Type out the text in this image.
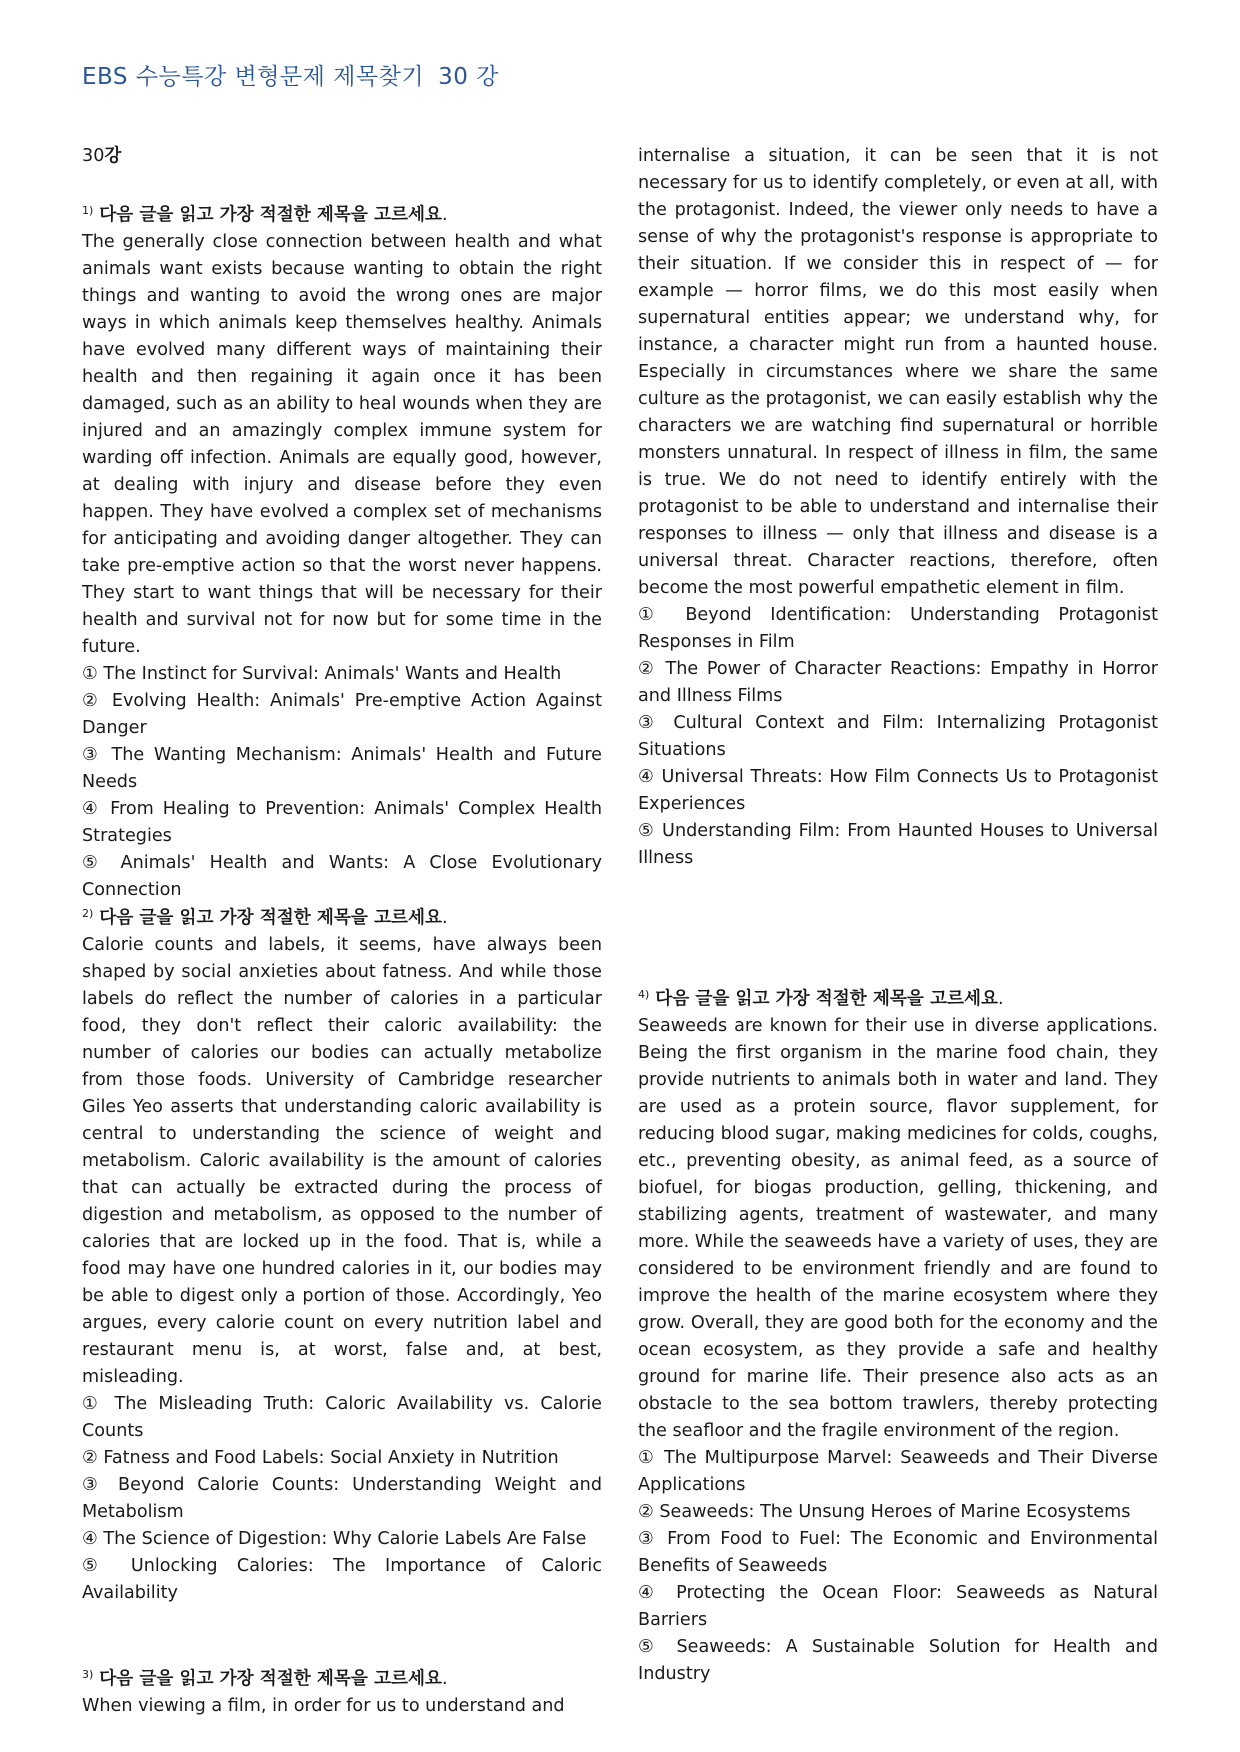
EBS 수능특강 변형문제 제목찾기 30 강

30강

$^{1)}$ 다음 글을 읽고 가장 적절한 제목을 고르세요.

The generally close connection between health and what animals want exists because wanting to obtain the right things and wanting to avoid the wrong ones are major ways in which animals keep themselves healthy. Animals have evolved many different ways of maintaining their health and then regaining it again once it has been damaged, such as an ability to heal wounds when they are injured and an amazingly complex immune system for warding off infection. Animals are equally good, however, at dealing with injury and disease before they even happen. They have evolved a complex set of mechanisms for anticipating and avoiding danger altogether. They can take pre-emptive action so that the worst never happens. They start to want things that will be necessary for their health and survival not for now but for some time in the future.

① The Instinct for Survival: Animals' Wants and Health

② Evolving Health: Animals' Pre-emptive Action Against Danger

③ The Wanting Mechanism: Animals' Health and Future Needs

④ From Healing to Prevention: Animals' Complex Health Strategies

⑤ Animals' Health and Wants: A Close Evolutionary Connection

$^{2)}$ 다음 글을 읽고 가장 적절한 제목을 고르세요.

Calorie counts and labels, it seems, have always been shaped by social anxieties about fatness. And while those labels do reflect the number of calories in a particular food, they don't reflect their caloric availability: the number of calories our bodies can actually metabolize from those foods. University of Cambridge researcher Giles Yeo asserts that understanding caloric availability is central to understanding the science of weight and metabolism. Caloric availability is the amount of calories that can actually be extracted during the process of digestion and metabolism, as opposed to the number of calories that are locked up in the food. That is, while a food may have one hundred calories in it, our bodies may be able to digest only a portion of those. Accordingly, Yeo argues, every calorie count on every nutrition label and restaurant menu is, at worst, false and, at best, misleading.

① The Misleading Truth: Caloric Availability vs. Calorie Counts

② Fatness and Food Labels: Social Anxiety in Nutrition

③ Beyond Calorie Counts: Understanding Weight and Metabolism

④ The Science of Digestion: Why Calorie Labels Are False

⑤ Unlocking Calories: The Importance of Caloric Availability

$^{3)}$ 다음 글을 읽고 가장 적절한 제목을 고르세요.

When viewing a film, in order for us to understand and

internalise a situation, it can be seen that it is not necessary for us to identify completely, or even at all, with the protagonist. Indeed, the viewer only needs to have a sense of why the protagonist's response is appropriate to their situation. If we consider this in respect of — for example — horror films, we do this most easily when supernatural entities appear; we understand why, for instance, a character might run from a haunted house. Especially in circumstances where we share the same culture as the protagonist, we can easily establish why the characters we are watching find supernatural or horrible monsters unnatural. In respect of illness in film, the same is true. We do not need to identify entirely with the protagonist to be able to understand and internalise their responses to illness — only that illness and disease is a universal threat. Character reactions, therefore, often become the most powerful empathetic element in film.

① Beyond Identification: Understanding Protagonist Responses in Film

② The Power of Character Reactions: Empathy in Horror and Illness Films

③ Cultural Context and Film: Internalizing Protagonist Situations

④ Universal Threats: How Film Connects Us to Protagonist Experiences

⑤ Understanding Film: From Haunted Houses to Universal Illness

$^{4)}$ 다음 글을 읽고 가장 적절한 제목을 고르세요.

Seaweeds are known for their use in diverse applications. Being the first organism in the marine food chain, they provide nutrients to animals both in water and land. They are used as a protein source, flavor supplement, for reducing blood sugar, making medicines for colds, coughs, etc., preventing obesity, as animal feed, as a source of biofuel, for biogas production, gelling, thickening, and stabilizing agents, treatment of wastewater, and many more. While the seaweeds have a variety of uses, they are considered to be environment friendly and are found to improve the health of the marine ecosystem where they grow. Overall, they are good both for the economy and the ocean ecosystem, as they provide a safe and healthy ground for marine life. Their presence also acts as an obstacle to the sea bottom trawlers, thereby protecting the seafloor and the fragile environment of the region.

① The Multipurpose Marvel: Seaweeds and Their Diverse Applications

② Seaweeds: The Unsung Heroes of Marine Ecosystems

③ From Food to Fuel: The Economic and Environmental Benefits of Seaweeds

④ Protecting the Ocean Floor: Seaweeds as Natural Barriers

⑤ Seaweeds: A Sustainable Solution for Health and Industry
